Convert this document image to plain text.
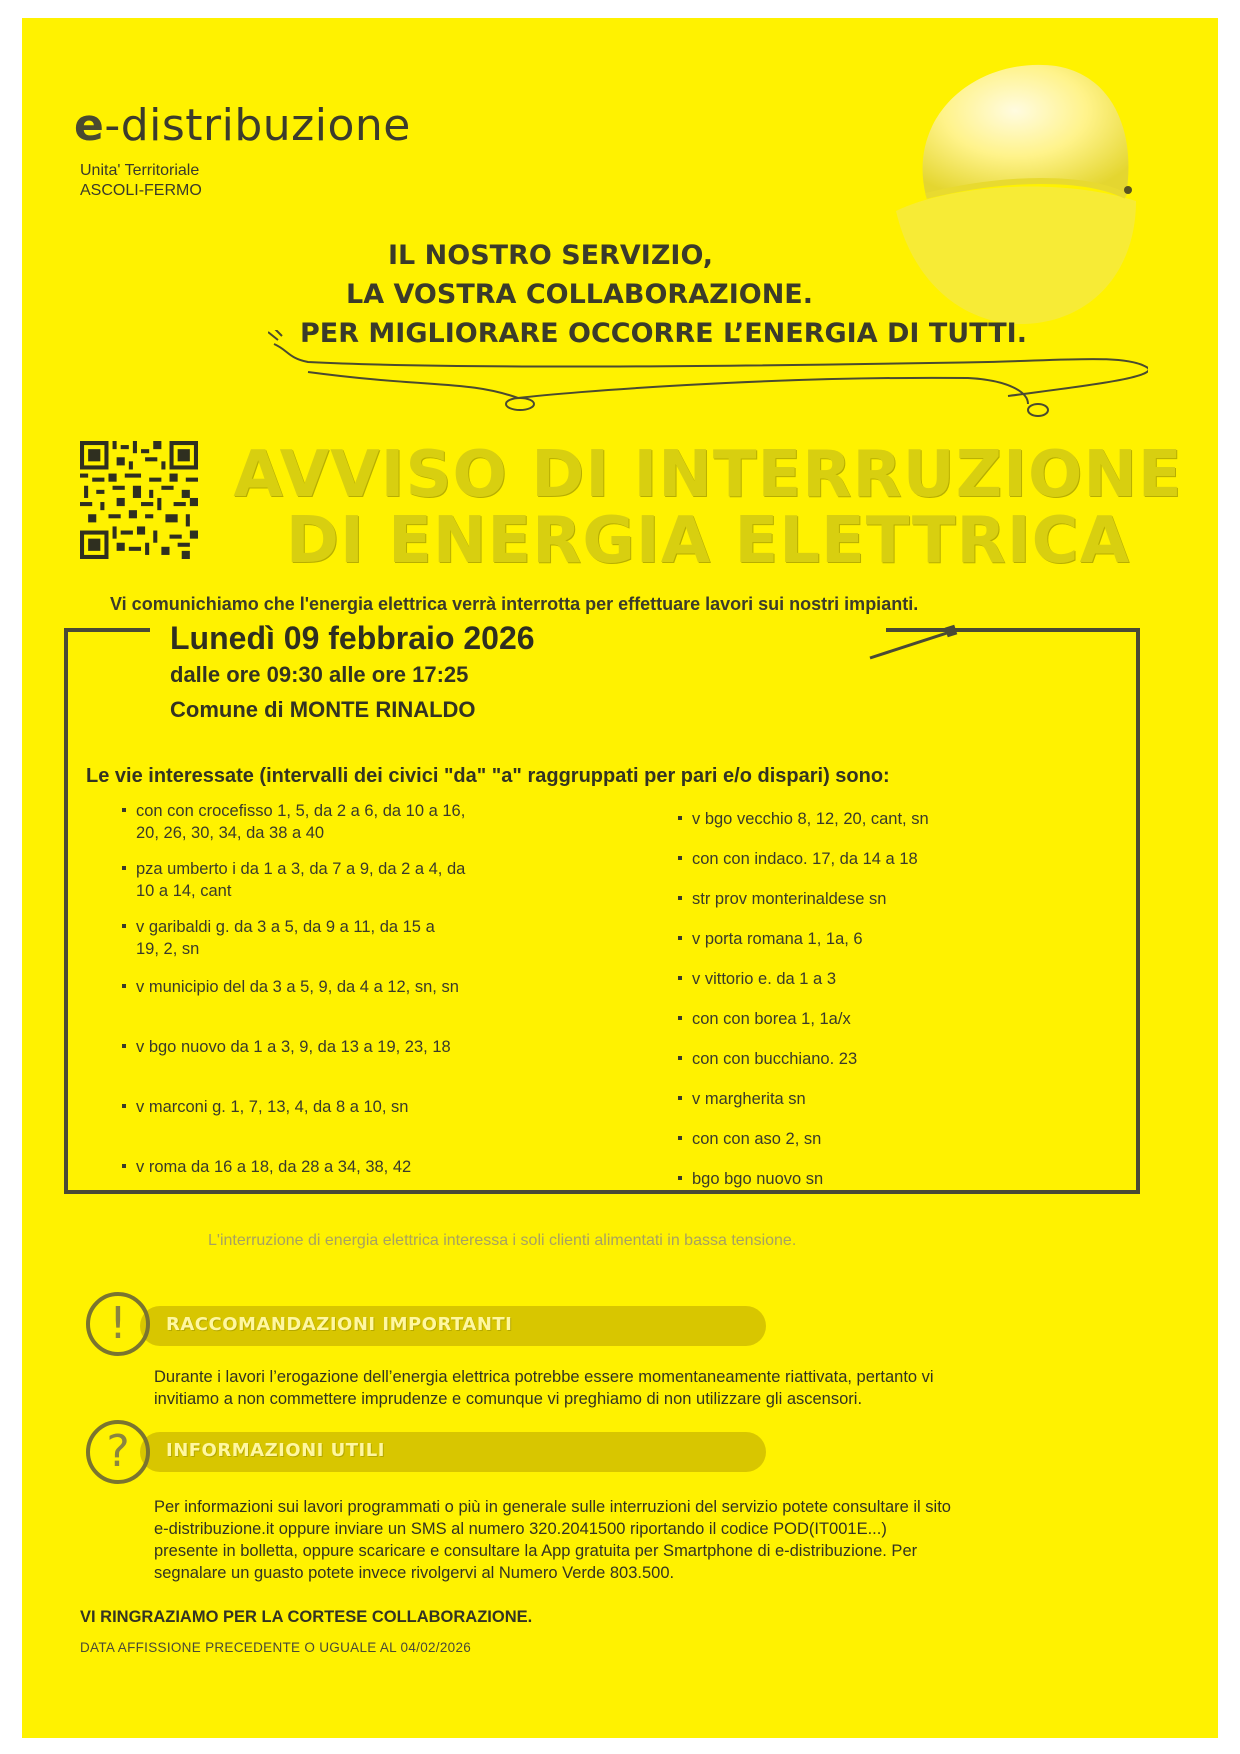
e-distribuzione
Unita' Territoriale
ASCOLI-FERMO
IL NOSTRO SERVIZIO,
LA VOSTRA COLLABORAZIONE.
PER MIGLIORARE OCCORRE L’ENERGIA DI TUTTI.
AVVISO DI INTERRUZIONE
DI ENERGIA ELETTRICA
Vi comunichiamo che l'energia elettrica verrà interrotta per effettuare lavori sui nostri impianti.
Lunedì 09 febbraio 2026
dalle ore 09:30 alle ore 17:25
Comune di MONTE RINALDO
Le vie interessate (intervalli dei civici "da" "a" raggruppati per pari e/o dispari) sono:
con con crocefisso 1, 5, da 2 a 6, da 10 a 16,
20, 26, 30, 34, da 38 a 40
pza umberto i da 1 a 3, da 7 a 9, da 2 a 4, da
10 a 14, cant
v garibaldi g. da 3 a 5, da 9 a 11, da 15 a
19, 2, sn
v municipio del da 3 a 5, 9, da 4 a 12, sn, sn
v bgo nuovo da 1 a 3, 9, da 13 a 19, 23, 18
v marconi g. 1, 7, 13, 4, da 8 a 10, sn
v roma da 16 a 18, da 28 a 34, 38, 42
v bgo vecchio 8, 12, 20, cant, sn
con con indaco. 17, da 14 a 18
str prov monterinaldese sn
v porta romana 1, 1a, 6
v vittorio e. da 1 a 3
con con borea 1, 1a/x
con con bucchiano. 23
v margherita sn
con con aso 2, sn
bgo bgo nuovo sn
L'interruzione di energia elettrica interessa i soli clienti alimentati in bassa tensione.
RACCOMANDAZIONI IMPORTANTI
!
Durante i lavori l’erogazione dell’energia elettrica potrebbe essere momentaneamente riattivata, pertanto vi
invitiamo a non commettere imprudenze e comunque vi preghiamo di non utilizzare gli ascensori.
INFORMAZIONI UTILI
?
Per informazioni sui lavori programmati o più in generale sulle interruzioni del servizio potete consultare il sito
e-distribuzione.it oppure inviare un SMS al numero 320.2041500 riportando il codice POD(IT001E...)
presente in bolletta, oppure scaricare e consultare la App gratuita per Smartphone di e-distribuzione. Per
segnalare un guasto potete invece rivolgervi al Numero Verde 803.500.
VI RINGRAZIAMO PER LA CORTESE COLLABORAZIONE.
DATA AFFISSIONE PRECEDENTE O UGUALE AL 04/02/2026
